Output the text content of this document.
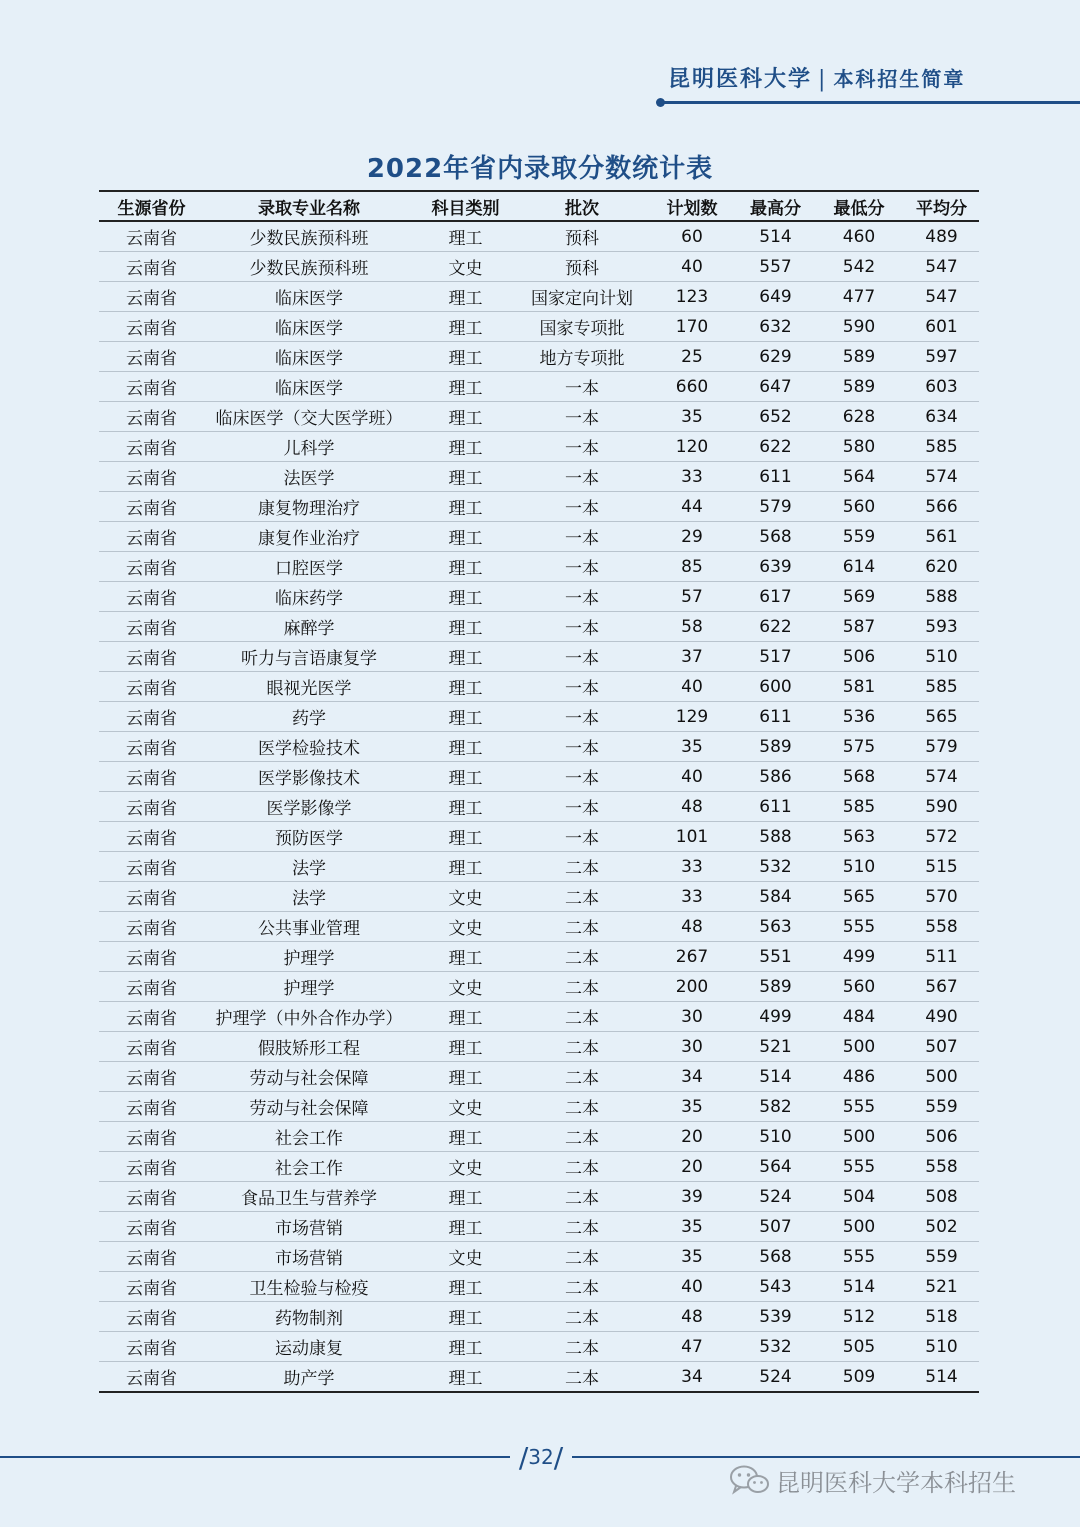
昆明医科大学 | 本科招生简章
2022年省内录取分数统计表
生源省份	录取专业名称	科目类别	批次	计划数	最高分	最低分	平均分
云南省	少数民族预科班	理工	预科	60	514	460	489
云南省	少数民族预科班	文史	预科	40	557	542	547
云南省	临床医学	理工	国家定向计划	123	649	477	547
云南省	临床医学	理工	国家专项批	170	632	590	601
云南省	临床医学	理工	地方专项批	25	629	589	597
云南省	临床医学	理工	一本	660	647	589	603
云南省	临床医学（交大医学班）	理工	一本	35	652	628	634
云南省	儿科学	理工	一本	120	622	580	585
云南省	法医学	理工	一本	33	611	564	574
云南省	康复物理治疗	理工	一本	44	579	560	566
云南省	康复作业治疗	理工	一本	29	568	559	561
云南省	口腔医学	理工	一本	85	639	614	620
云南省	临床药学	理工	一本	57	617	569	588
云南省	麻醉学	理工	一本	58	622	587	593
云南省	听力与言语康复学	理工	一本	37	517	506	510
云南省	眼视光医学	理工	一本	40	600	581	585
云南省	药学	理工	一本	129	611	536	565
云南省	医学检验技术	理工	一本	35	589	575	579
云南省	医学影像技术	理工	一本	40	586	568	574
云南省	医学影像学	理工	一本	48	611	585	590
云南省	预防医学	理工	一本	101	588	563	572
云南省	法学	理工	二本	33	532	510	515
云南省	法学	文史	二本	33	584	565	570
云南省	公共事业管理	文史	二本	48	563	555	558
云南省	护理学	理工	二本	267	551	499	511
云南省	护理学	文史	二本	200	589	560	567
云南省	护理学（中外合作办学）	理工	二本	30	499	484	490
云南省	假肢矫形工程	理工	二本	30	521	500	507
云南省	劳动与社会保障	理工	二本	34	514	486	500
云南省	劳动与社会保障	文史	二本	35	582	555	559
云南省	社会工作	理工	二本	20	510	500	506
云南省	社会工作	文史	二本	20	564	555	558
云南省	食品卫生与营养学	理工	二本	39	524	504	508
云南省	市场营销	理工	二本	35	507	500	502
云南省	市场营销	文史	二本	35	568	555	559
云南省	卫生检验与检疫	理工	二本	40	543	514	521
云南省	药物制剂	理工	二本	48	539	512	518
云南省	运动康复	理工	二本	47	532	505	510
云南省	助产学	理工	二本	34	524	509	514
/ 32 /
昆明医科大学本科招生
